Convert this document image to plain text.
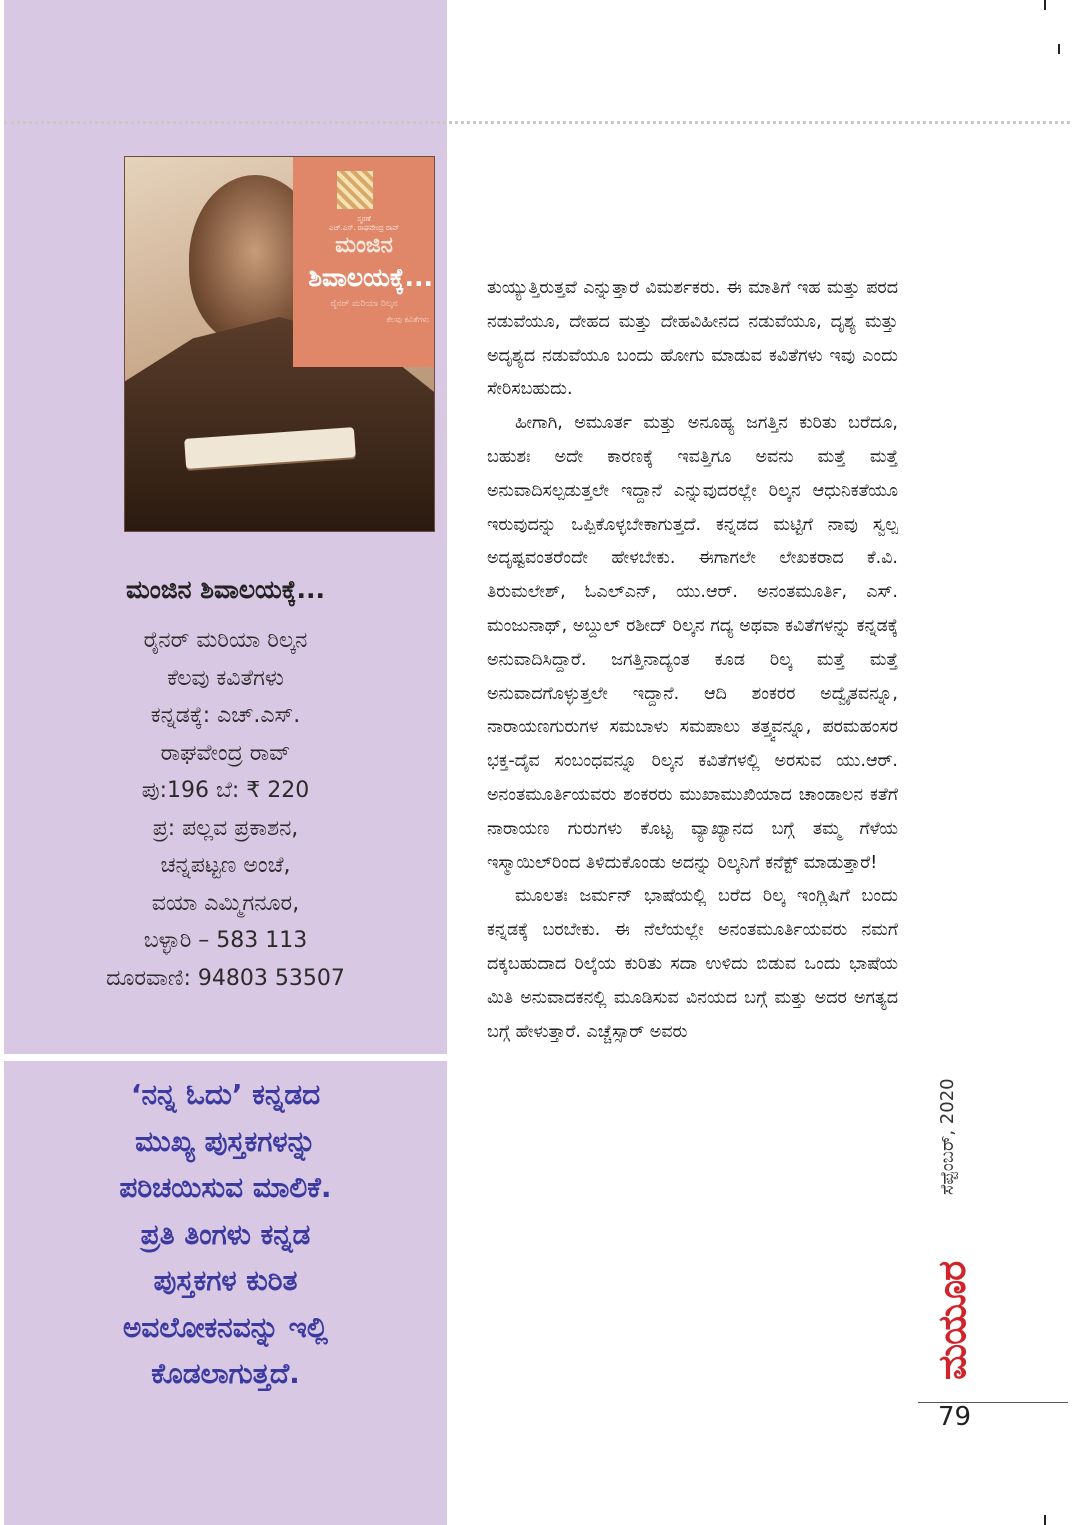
ಸ್ಮರಣೆ
ಎಚ್.ಎಸ್. ರಾಘವೇಂದ್ರ ರಾವ್
ಮಂಜಿನ
ಶಿವಾಲಯಕ್ಕೆ...
ರೈನರ್ ಮರಿಯಾ ರಿಲ್ಕನ
ಕೆಲವು ಕವಿತೆಗಳು
ಮಂಜಿನ ಶಿವಾಲಯಕ್ಕೆ...
ರೈನರ್ ಮರಿಯಾ ರಿಲ್ಕನ
ಕೆಲವು ಕವಿತೆಗಳು
ಕನ್ನಡಕ್ಕೆ: ಎಚ್.ಎಸ್.
ರಾಘವೇಂದ್ರ ರಾವ್
ಪು:196 ಬೆ: ₹ 220
ಪ್ರ: ಪಲ್ಲವ ಪ್ರಕಾಶನ,
ಚನ್ನಪಟ್ಟಣ ಅಂಚೆ,
ವಯಾ ಎಮ್ಮಿಗನೂರ,
ಬಳ್ಳಾರಿ – 583 113
ದೂರವಾಣಿ: 94803 53507
‘ನನ್ನ ಓದು’ ಕನ್ನಡದ
ಮುಖ್ಯ ಪುಸ್ತಕಗಳನ್ನು
ಪರಿಚಯಿಸುವ ಮಾಲಿಕೆ.
ಪ್ರತಿ ತಿಂಗಳು ಕನ್ನಡ
ಪುಸ್ತಕಗಳ ಕುರಿತ
ಅವಲೋಕನವನ್ನು ಇಲ್ಲಿ
ಕೊಡಲಾಗುತ್ತದೆ.

ತುಯ್ಯುತ್ತಿರುತ್ತವೆ ಎನ್ನುತ್ತಾರೆ ವಿಮರ್ಶಕರು. ಈ ಮಾತಿಗೆ ಇಹ ಮತ್ತು ಪರದ ನಡುವೆಯೂ, ದೇಹದ ಮತ್ತು ದೇಹವಿಹೀನದ ನಡುವೆಯೂ, ದೃಶ್ಯ ಮತ್ತು ಅದೃಶ್ಯದ ನಡುವೆಯೂ ಬಂದು ಹೋಗು ಮಾಡುವ ಕವಿತೆಗಳು ಇವು ಎಂದು ಸೇರಿಸಬಹುದು.

ಹೀಗಾಗಿ, ಅಮೂರ್ತ ಮತ್ತು ಅನೂಹ್ಯ ಜಗತ್ತಿನ ಕುರಿತು ಬರೆದೂ, ಬಹುಶಃ ಅದೇ ಕಾರಣಕ್ಕೆ ಇವತ್ತಿಗೂ ಅವನು ಮತ್ತೆ ಮತ್ತೆ ಅನುವಾದಿಸಲ್ಪಡುತ್ತಲೇ ಇದ್ದಾನೆ ಎನ್ನುವುದರಲ್ಲೇ ರಿಲ್ಕನ ಆಧುನಿಕತೆಯೂ ಇರುವುದನ್ನು ಒಪ್ಪಿಕೊಳ್ಳಬೇಕಾಗುತ್ತದೆ. ಕನ್ನಡದ ಮಟ್ಟಿಗೆ ನಾವು ಸ್ವಲ್ಪ ಅದೃಷ್ಟವಂತರೆಂದೇ ಹೇಳಬೇಕು. ಈಗಾಗಲೇ ಲೇಖಕರಾದ ಕೆ.ವಿ. ತಿರುಮಲೇಶ್, ಓಎಲ್ಎನ್, ಯು.ಆರ್. ಅನಂತಮೂರ್ತಿ, ಎಸ್. ಮಂಜುನಾಥ್, ಅಬ್ದುಲ್ ರಶೀದ್ ರಿಲ್ಕನ ಗದ್ಯ ಅಥವಾ ಕವಿತೆಗಳನ್ನು ಕನ್ನಡಕ್ಕೆ ಅನುವಾದಿಸಿದ್ದಾರೆ. ಜಗತ್ತಿನಾದ್ಯಂತ ಕೂಡ ರಿಲ್ಕ ಮತ್ತೆ ಮತ್ತೆ ಅನುವಾದಗೊಳ್ಳುತ್ತಲೇ ಇದ್ದಾನೆ. ಆದಿ ಶಂಕರರ ಅದ್ವೈತವನ್ನೂ, ನಾರಾಯಣಗುರುಗಳ ಸಮಬಾಳು ಸಮಪಾಲು ತತ್ತ್ವವನ್ನೂ, ಪರಮಹಂಸರ ಭಕ್ತ-ದೈವ ಸಂಬಂಧವನ್ನೂ ರಿಲ್ಕನ ಕವಿತೆಗಳಲ್ಲಿ ಅರಸುವ ಯು.ಆರ್. ಅನಂತಮೂರ್ತಿಯವರು ಶಂಕರರು ಮುಖಾಮುಖಿಯಾದ ಚಾಂಡಾಲನ ಕತೆಗೆ ನಾರಾಯಣ ಗುರುಗಳು ಕೊಟ್ಟ ವ್ಯಾಖ್ಯಾನದ ಬಗ್ಗೆ ತಮ್ಮ ಗೆಳೆಯ ಇಸ್ಮಾಯಿಲ್‌ರಿಂದ ತಿಳಿದುಕೊಂಡು ಅದನ್ನು ರಿಲ್ಕನಿಗೆ ಕನೆಕ್ಟ್ ಮಾಡುತ್ತಾರೆ!

ಮೂಲತಃ ಜರ್ಮನ್ ಭಾಷೆಯಲ್ಲಿ ಬರೆದ ರಿಲ್ಕ ಇಂಗ್ಲಿಷಿಗೆ ಬಂದು ಕನ್ನಡಕ್ಕೆ ಬರಬೇಕು. ಈ ನೆಲೆಯಲ್ಲೇ ಅನಂತಮೂರ್ತಿಯವರು ನಮಗೆ ದಕ್ಕಬಹುದಾದ ರಿಲ್ಕೆಯ ಕುರಿತು ಸದಾ ಉಳಿದು ಬಿಡುವ ಒಂದು ಭಾಷೆಯ ಮಿತಿ ಅನುವಾದಕನಲ್ಲಿ ಮೂಡಿಸುವ ವಿನಯದ ಬಗ್ಗೆ ಮತ್ತು ಅದರ ಅಗತ್ಯದ ಬಗ್ಗೆ ಹೇಳುತ್ತಾರೆ. ಎಚ್ಚೆಸ್ಸಾರ್ ಅವರು

ಸೆಪ್ಟೆಂಬರ್, 2020
ಮಯೂರ
79
